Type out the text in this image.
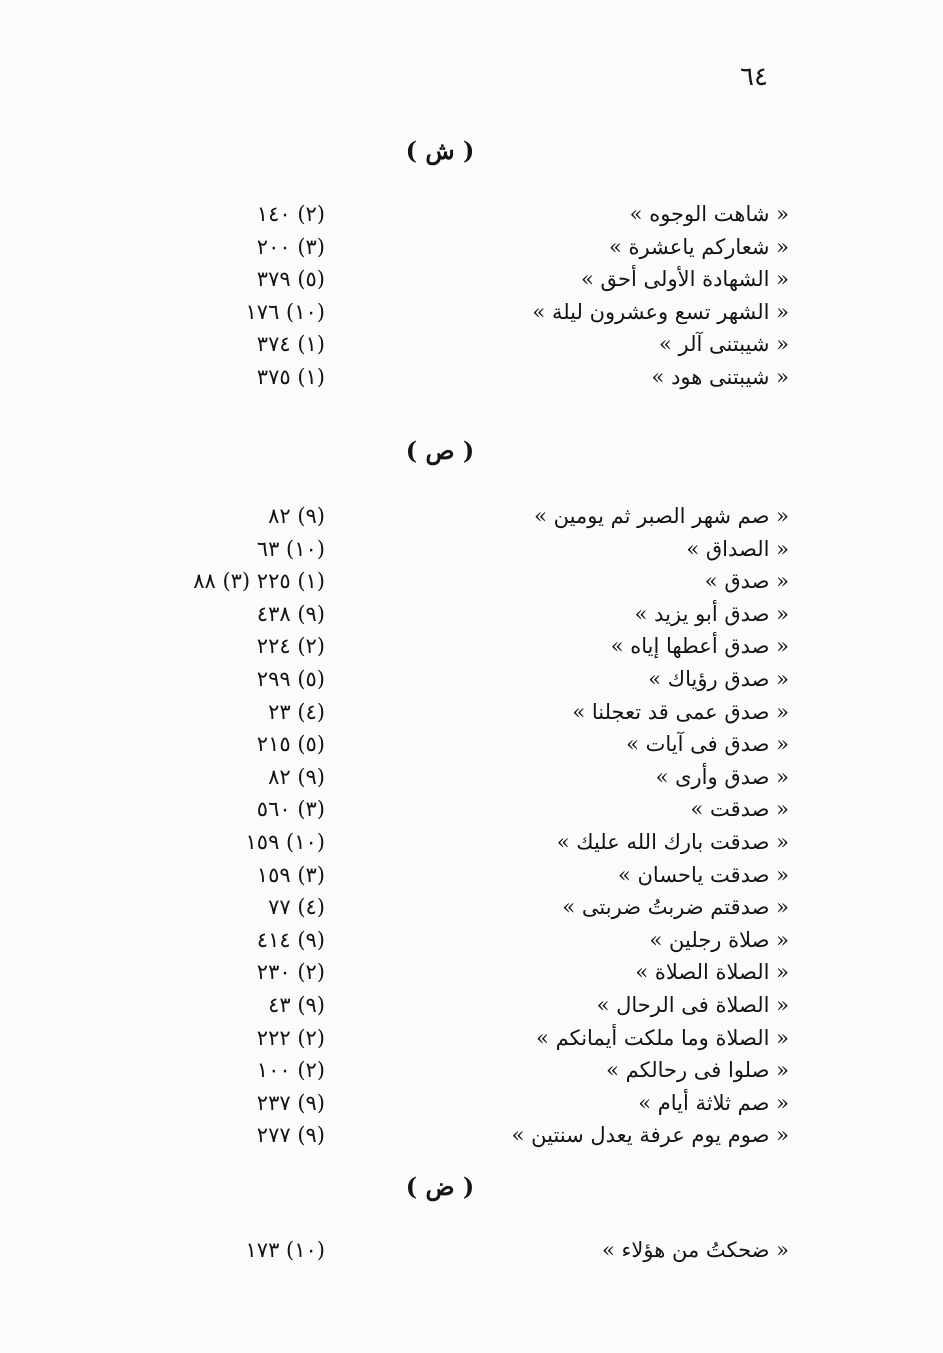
٦٤
( ش )
« شاهت الوجوه »
(٢) ١٤٠
« شعاركم ياعشرة »
(٣) ٢٠٠
« الشهادة الأولى أحق »
(٥) ٣٧٩
« الشهر تسع وعشرون ليلة »
(١٠) ١٧٦
« شيبتنى آلر »
(١) ٣٧٤
« شيبتنى هود »
(١) ٣٧٥
( ص )
« صم شهر الصبر ثم يومين »
(٩) ٨٢
« الصداق »
(١٠) ٦٣
« صدق »
(١) ٢٢٥ (٣) ٨٨
« صدق أبو يزيد »
(٩) ٤٣٨
« صدق أعطها إياه »
(٢) ٢٢٤
« صدق رؤياك »
(٥) ٢٩٩
« صدق عمى قد تعجلنا »
(٤) ٢٣
« صدق فى آيات »
(٥) ٢١٥
« صدق وأرى »
(٩) ٨٢
« صدقت »
(٣) ٥٦٠
« صدقت بارك الله عليك »
(١٠) ١٥٩
« صدقت ياحسان »
(٣) ١٥٩
« صدقتم ضربتُ ضربتى »
(٤) ٧٧
« صلاة رجلين »
(٩) ٤١٤
« الصلاة الصلاة »
(٢) ٢٣٠
« الصلاة فى الرحال »
(٩) ٤٣
« الصلاة وما ملكت أيمانكم »
(٢) ٢٢٢
« صلوا فى رحالكم »
(٢) ١٠٠
« صم ثلاثة أيام »
(٩) ٢٣٧
« صوم يوم عرفة يعدل سنتين »
(٩) ٢٧٧
( ض )
« ضحكتُ من هؤلاء »
(١٠) ١٧٣
